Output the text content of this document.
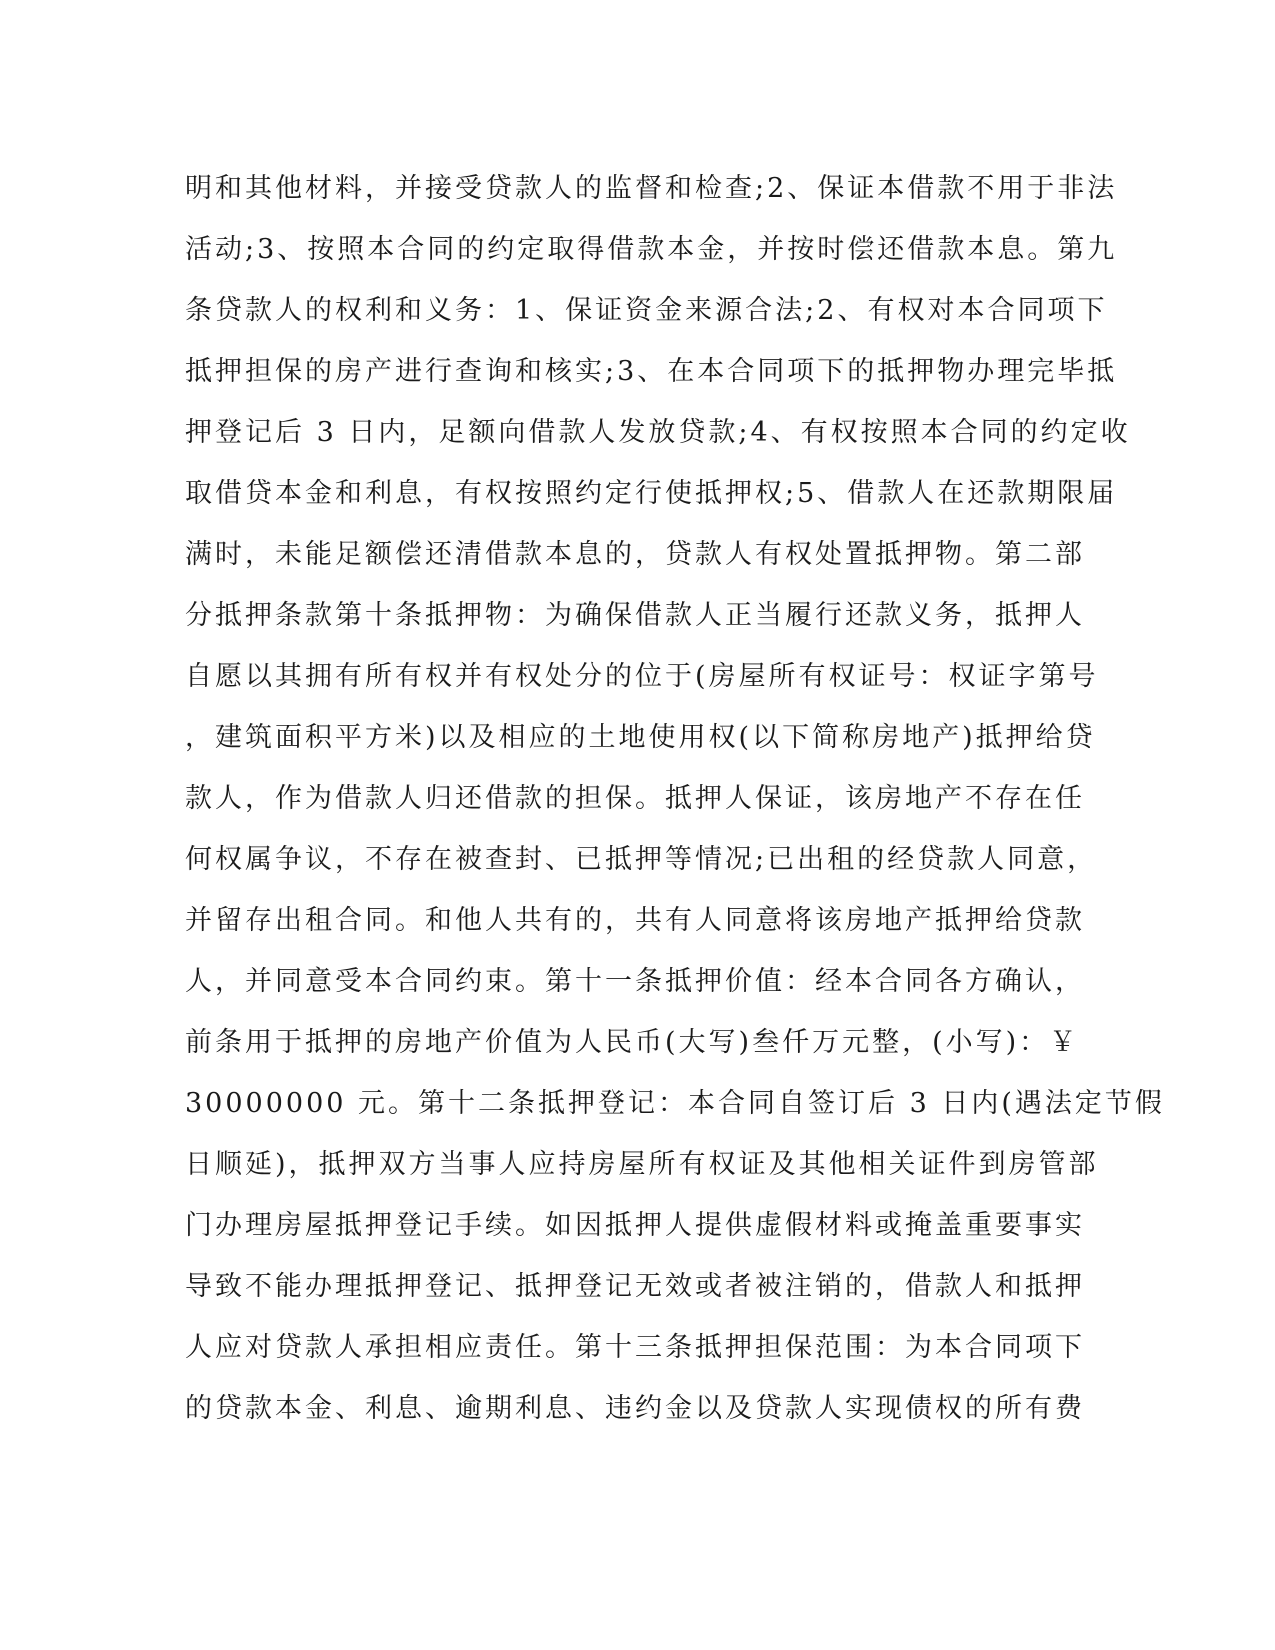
明和其他材料，并接受贷款人的监督和检查;2、保证本借款不用于非法
活动;3、按照本合同的约定取得借款本金，并按时偿还借款本息。第九
条贷款人的权利和义务：1、保证资金来源合法;2、有权对本合同项下
抵押担保的房产进行查询和核实;3、在本合同项下的抵押物办理完毕抵
押登记后 3 日内，足额向借款人发放贷款;4、有权按照本合同的约定收
取借贷本金和利息，有权按照约定行使抵押权;5、借款人在还款期限届
满时，未能足额偿还清借款本息的，贷款人有权处置抵押物。第二部
分抵押条款第十条抵押物：为确保借款人正当履行还款义务，抵押人
自愿以其拥有所有权并有权处分的位于(房屋所有权证号：权证字第号
，建筑面积平方米)以及相应的土地使用权(以下简称房地产)抵押给贷
款人，作为借款人归还借款的担保。抵押人保证，该房地产不存在任
何权属争议，不存在被查封、已抵押等情况;已出租的经贷款人同意，
并留存出租合同。和他人共有的，共有人同意将该房地产抵押给贷款
人，并同意受本合同约束。第十一条抵押价值：经本合同各方确认，
前条用于抵押的房地产价值为人民币(大写)叁仟万元整，(小写)：￥
30000000 元。第十二条抵押登记：本合同自签订后 3 日内(遇法定节假
日顺延)，抵押双方当事人应持房屋所有权证及其他相关证件到房管部
门办理房屋抵押登记手续。如因抵押人提供虚假材料或掩盖重要事实
导致不能办理抵押登记、抵押登记无效或者被注销的，借款人和抵押
人应对贷款人承担相应责任。第十三条抵押担保范围：为本合同项下
的贷款本金、利息、逾期利息、违约金以及贷款人实现债权的所有费
